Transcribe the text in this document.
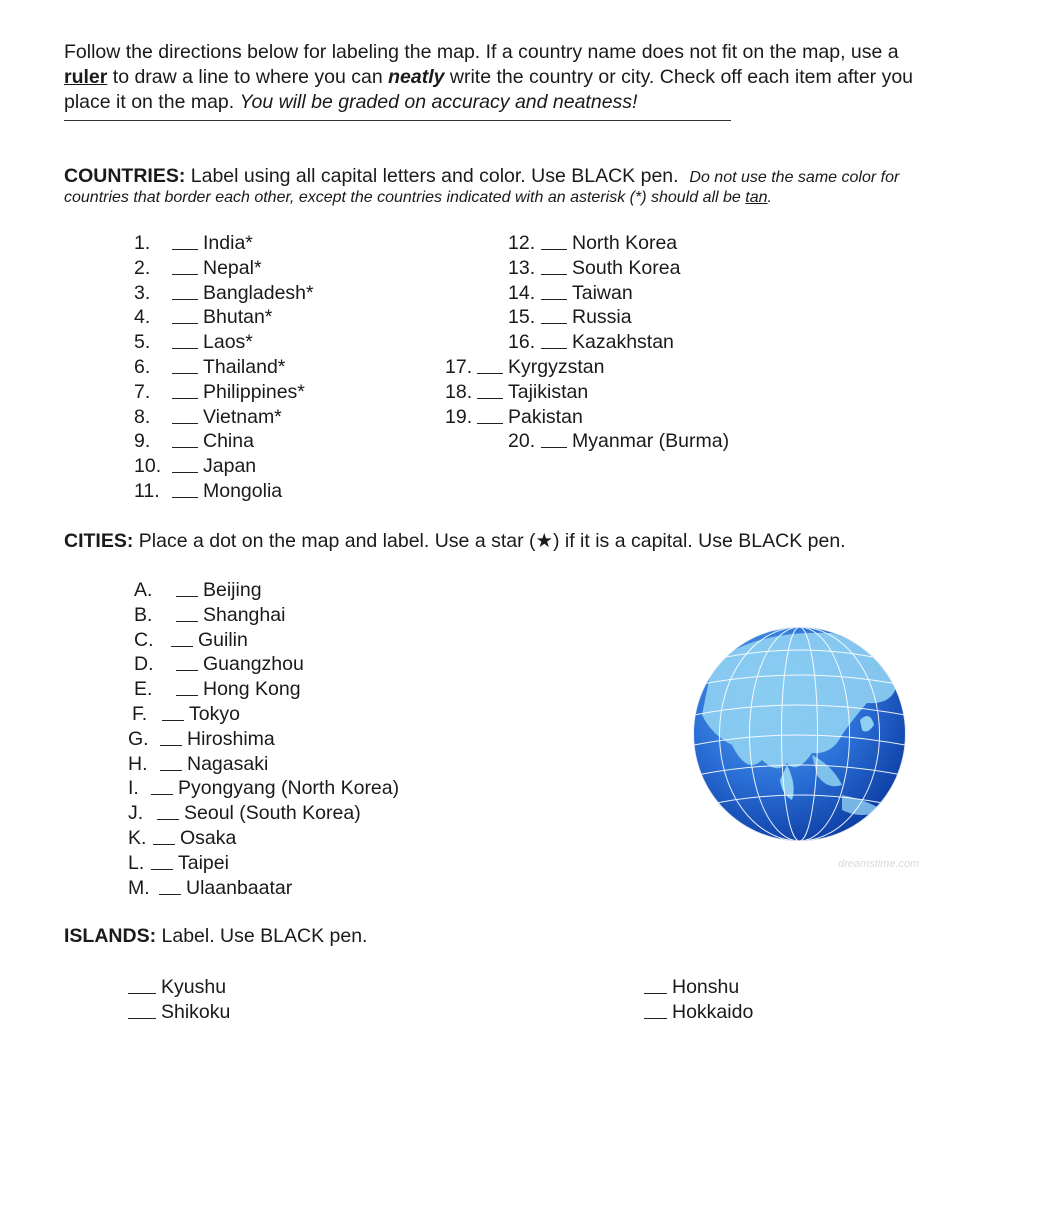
Follow the directions below for labeling the map. If a country name does not fit on the map, use a

ruler to draw a line to where you can neatly write the country or city. Check off each item after you

place it on the map. You will be graded on accuracy and neatness!

COUNTRIES: Label using all capital letters and color. Use BLACK pen. Do not use the same color for
countries that border each other, except the countries indicated with an asterisk (*) should all be tan.
1.	India*
2.	Nepal*
3.	Bangladesh*
4.	Bhutan*
5.	Laos*
6.	Thailand*
7.	Philippines*
8.	Vietnam*
9.	China
10. Japan
11. Mongolia
12. North Korea
13. South Korea
14. Taiwan
15. Russia
16. Kazakhstan
17. Kyrgyzstan
18. Tajikistan
19. Pakistan
20. Myanmar (Burma)
CITIES: Place a dot on the map and label. Use a star (★) if it is a capital. Use BLACK pen.
A.	Beijing
B.	Shanghai
C. Guilin
D.	Guangzhou
E.	Hong Kong
F. Tokyo
G. Hiroshima
H. Nagasaki
I. Pyongyang (North Korea)
J. Seoul (South Korea)
K. Osaka
L. Taipei
M. Ulaanbaatar
dreamstime.com
ISLANDS: Label. Use BLACK pen.
Kyushu
Shikoku
Honshu
Hokkaido
